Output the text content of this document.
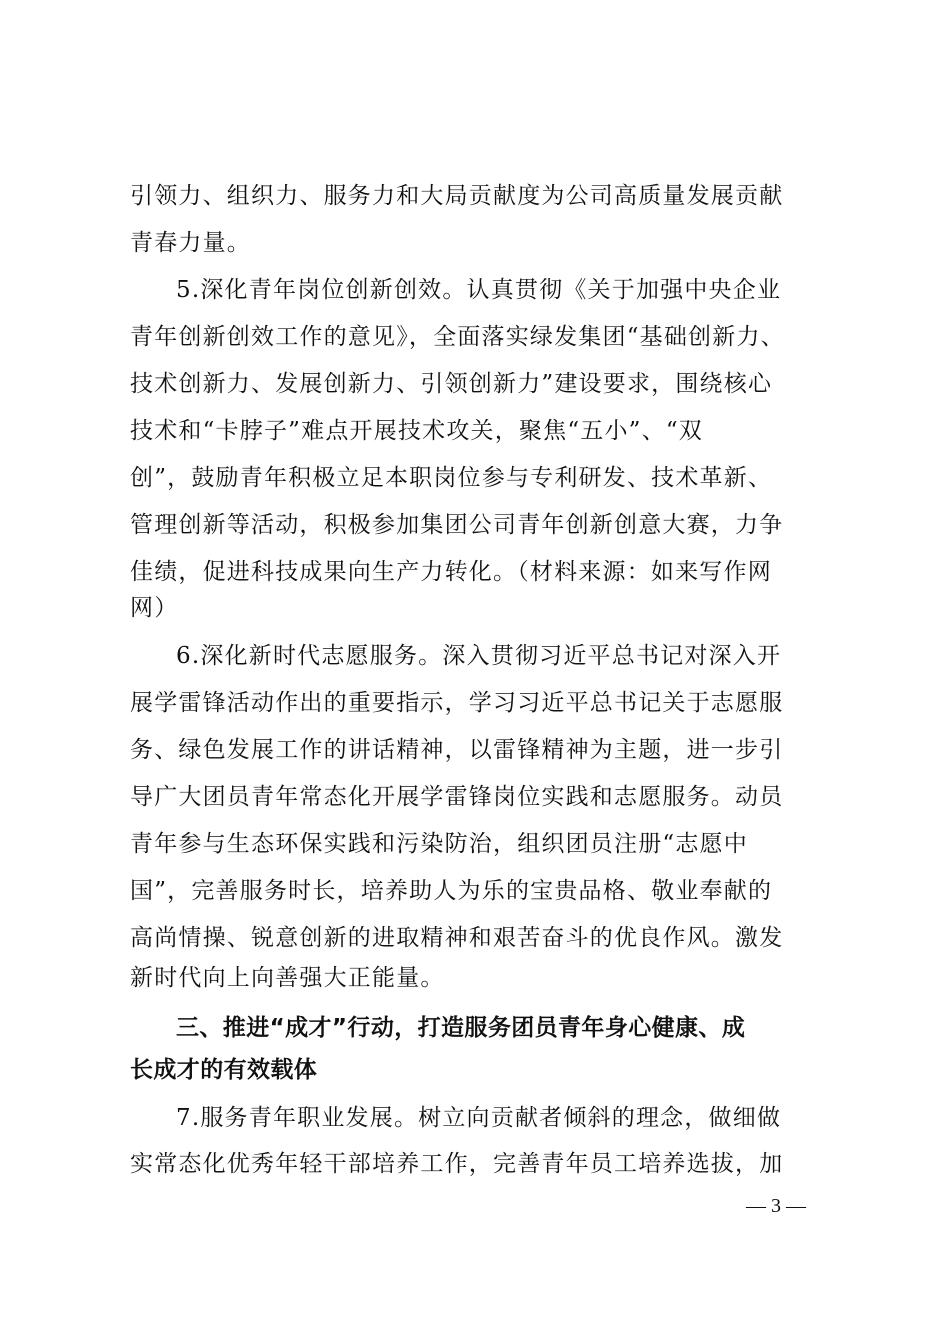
引领力、组织力、服务力和大局贡献度为公司高质量发展贡献

青春力量。

5.深化青年岗位创新创效。认真贯彻《关于加强中央企业

青年创新创效工作的意见》，全面落实绿发集团“基础创新力、

技术创新力、发展创新力、引领创新力”建设要求，围绕核心

技术和“卡脖子”难点开展技术攻关，聚焦“五小”、“双

创”，鼓励青年积极立足本职岗位参与专利研发、技术革新、

管理创新等活动，积极参加集团公司青年创新创意大赛，力争

佳绩，促进科技成果向生产力转化。（材料来源：如来写作网

网）

6.深化新时代志愿服务。深入贯彻习近平总书记对深入开

展学雷锋活动作出的重要指示，学习习近平总书记关于志愿服

务、绿色发展工作的讲话精神，以雷锋精神为主题，进一步引

导广大团员青年常态化开展学雷锋岗位实践和志愿服务。动员

青年参与生态环保实践和污染防治，组织团员注册“志愿中

国”，完善服务时长，培养助人为乐的宝贵品格、敬业奉献的

高尚情操、锐意创新的进取精神和艰苦奋斗的优良作风。激发

新时代向上向善强大正能量。

三、推进“成才”行动，打造服务团员青年身心健康、成

长成才的有效载体

7.服务青年职业发展。树立向贡献者倾斜的理念，做细做

实常态化优秀年轻干部培养工作，完善青年员工培养选拔，加

— 3 —
